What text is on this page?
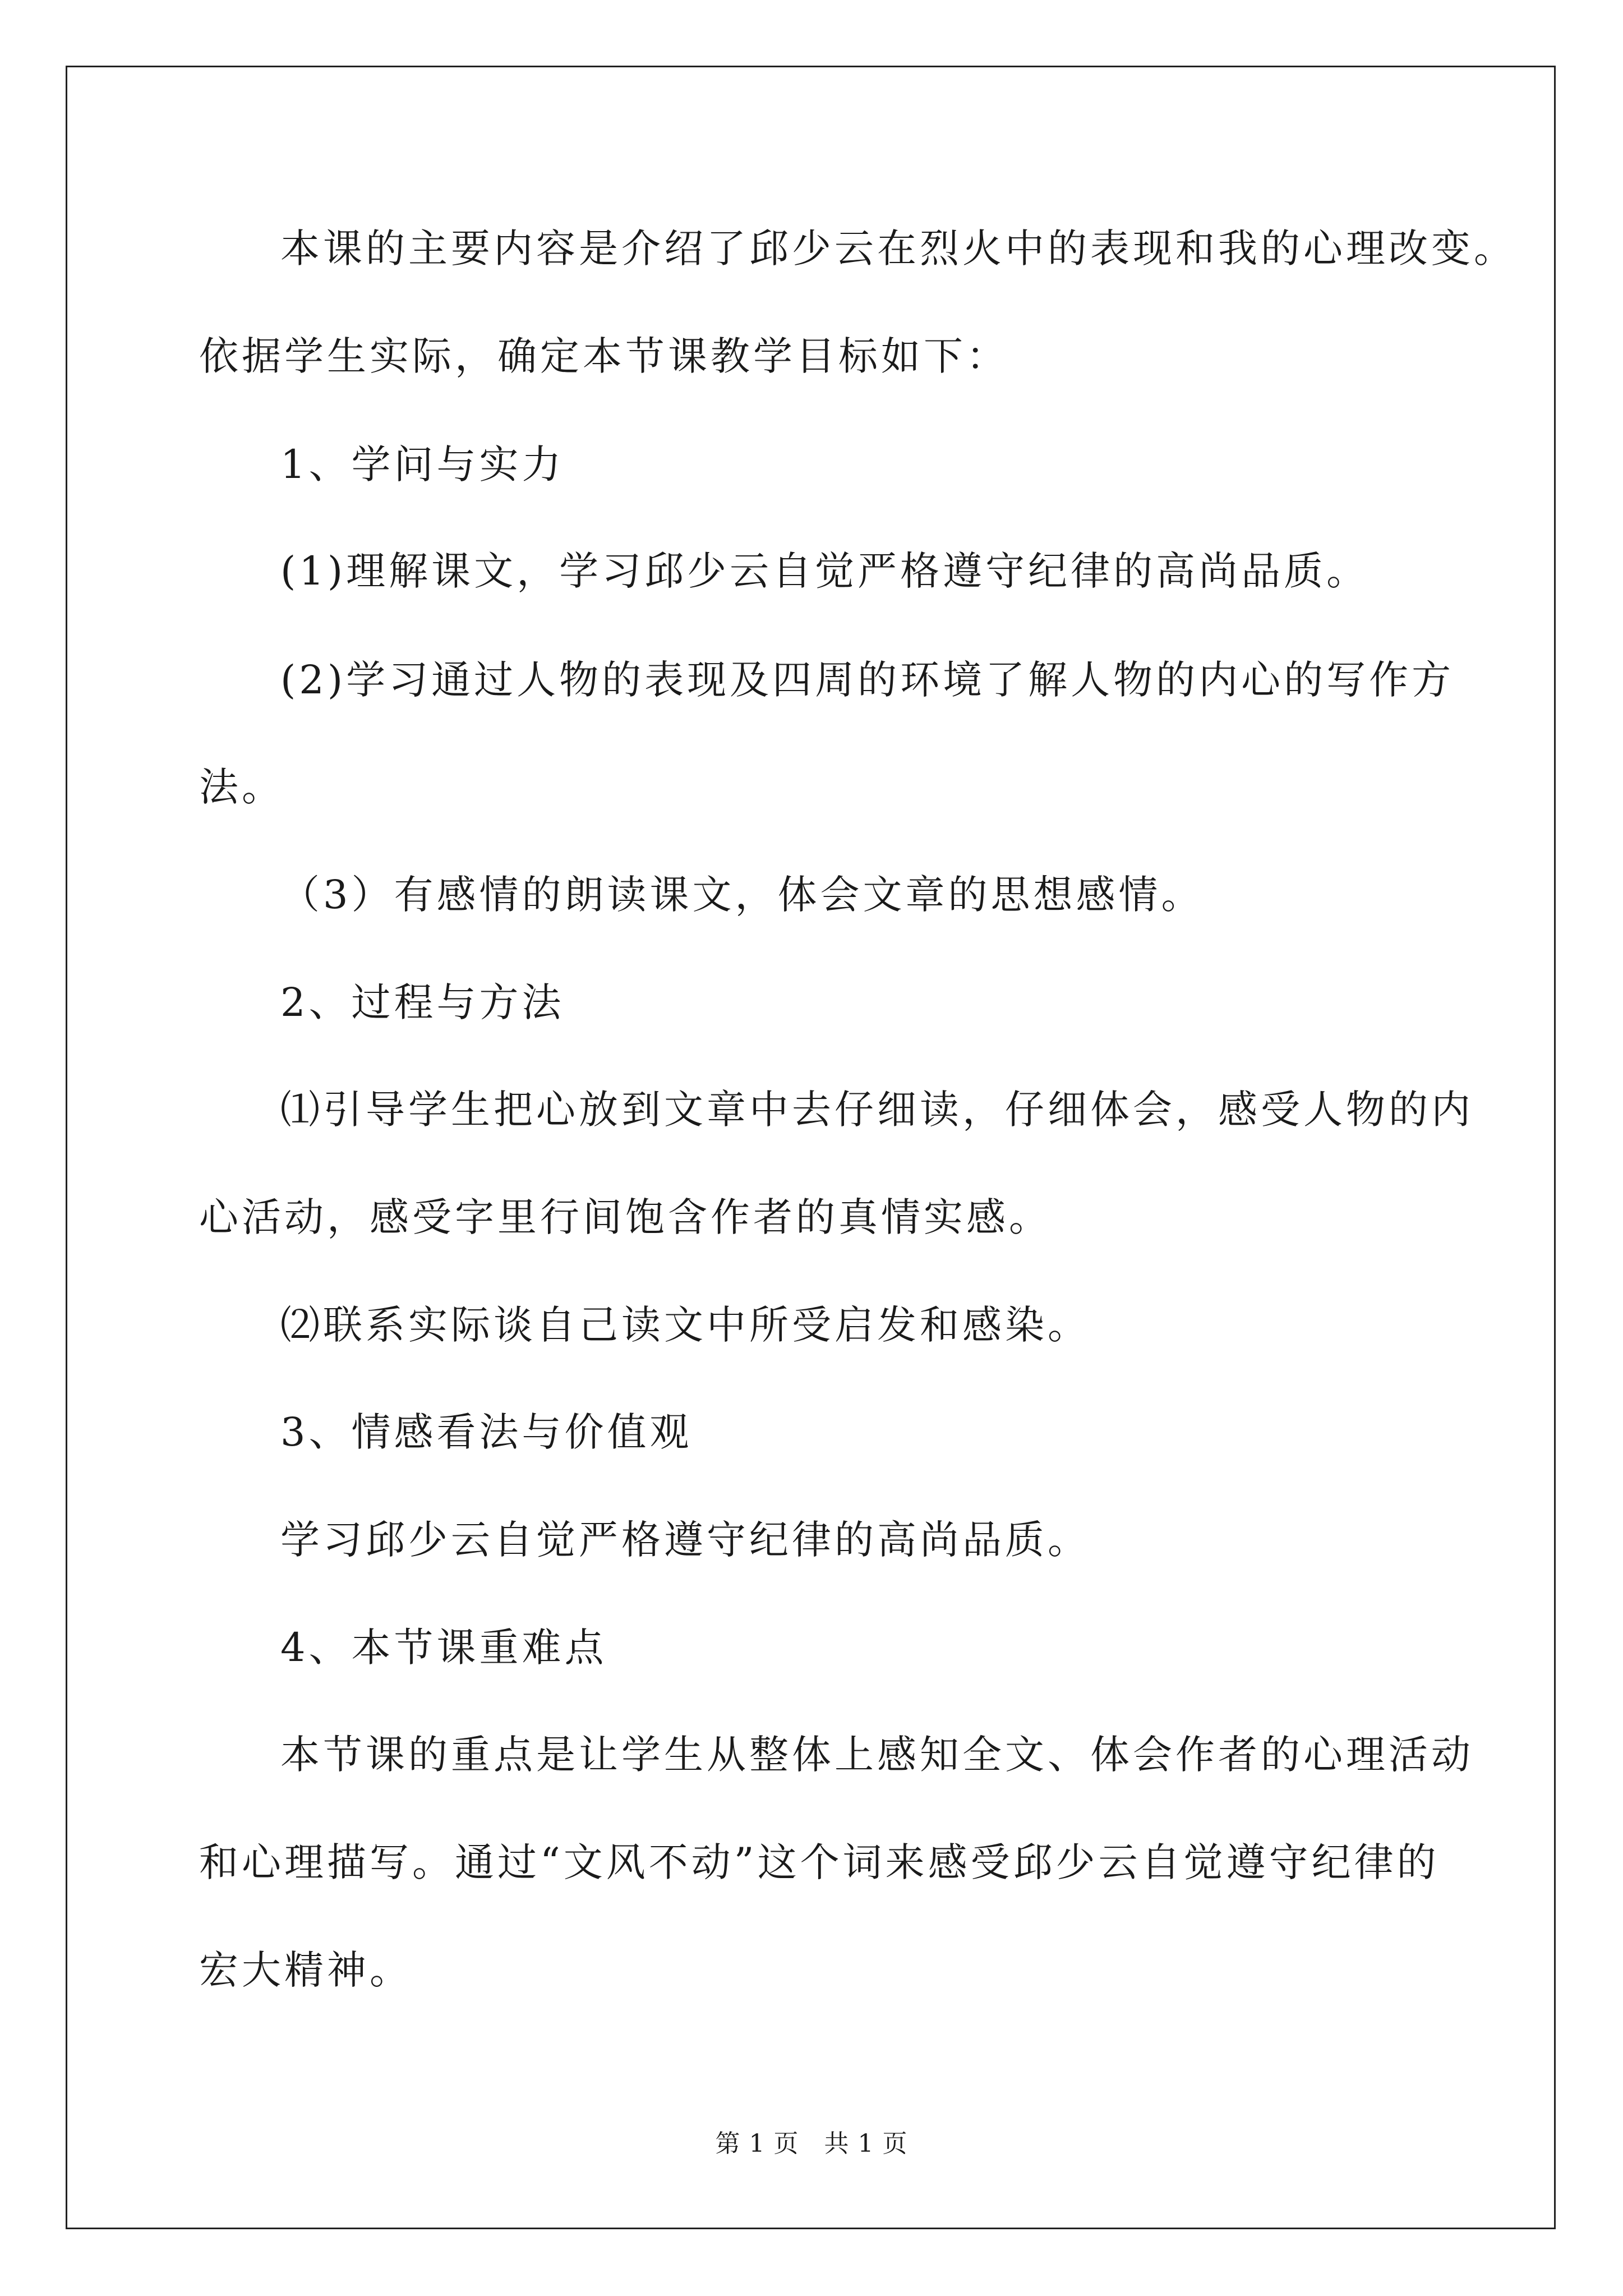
本课的主要内容是介绍了邱少云在烈火中的表现和我的心理改变。
依据学生实际，确定本节课教学目标如下：
1、学问与实力
(1)理解课文，学习邱少云自觉严格遵守纪律的高尚品质。
(2)学习通过人物的表现及四周的环境了解人物的内心的写作方
法。
（3）有感情的朗读课文，体会文章的思想感情。
2、过程与方法
⑴引导学生把心放到文章中去仔细读，仔细体会，感受人物的内
心活动，感受字里行间饱含作者的真情实感。
⑵联系实际谈自己读文中所受启发和感染。
3、情感看法与价值观
学习邱少云自觉严格遵守纪律的高尚品质。
4、本节课重难点
本节课的重点是让学生从整体上感知全文、体会作者的心理活动
和心理描写。通过“文风不动”这个词来感受邱少云自觉遵守纪律的
宏大精神。
第 1 页　共 1 页
